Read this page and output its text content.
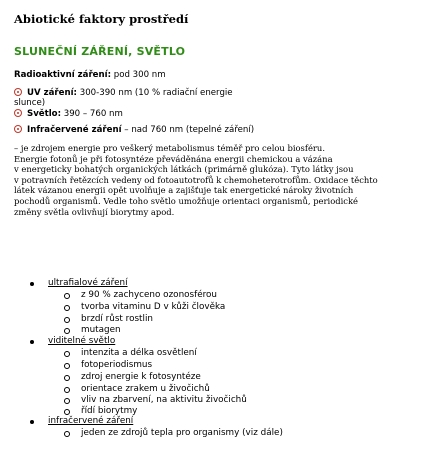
Abiotické faktory prostředí
SLUNEČNÍ ZÁŘENÍ, SVĚTLO
Radioaktivní záření: pod 300 nm
UV záření: 300-390 nm (10 % radiační energie
slunce)
Světlo: 390 – 760 nm
Infračervené záření – nad 760 nm (tepelné záření)
– je zdrojem energie pro veškerý metabolismus téměř pro celou biosféru.
Energie fotonů je při fotosyntéze převáděnána energii chemickou a vázána
v energeticky bohatých organických látkách (primárně glukóza). Tyto látky jsou
v potravních řetězcích vedeny od fotoautotrofů k chemoheterotrofům. Oxidace těchto
látek vázanou energii opět uvolňuje a zajišťuje tak energetické nároky životních
pochodů organismů. Vedle toho světlo umožňuje orientaci organismů, periodické
změny světla ovlivňují biorytmy apod.
ultrafialové záření
z 90 % zachyceno ozonosférou
tvorba vitaminu D v kůži člověka
brzdí růst rostlin
mutagen
viditelné světlo
intenzita a délka osvětlení
fotoperiodismus
zdroj energie k fotosyntéze
orientace zrakem u živočichů
vliv na zbarvení, na aktivitu živočichů
řídí biorytmy
infračervené záření
jeden ze zdrojů tepla pro organismy (viz dále)
